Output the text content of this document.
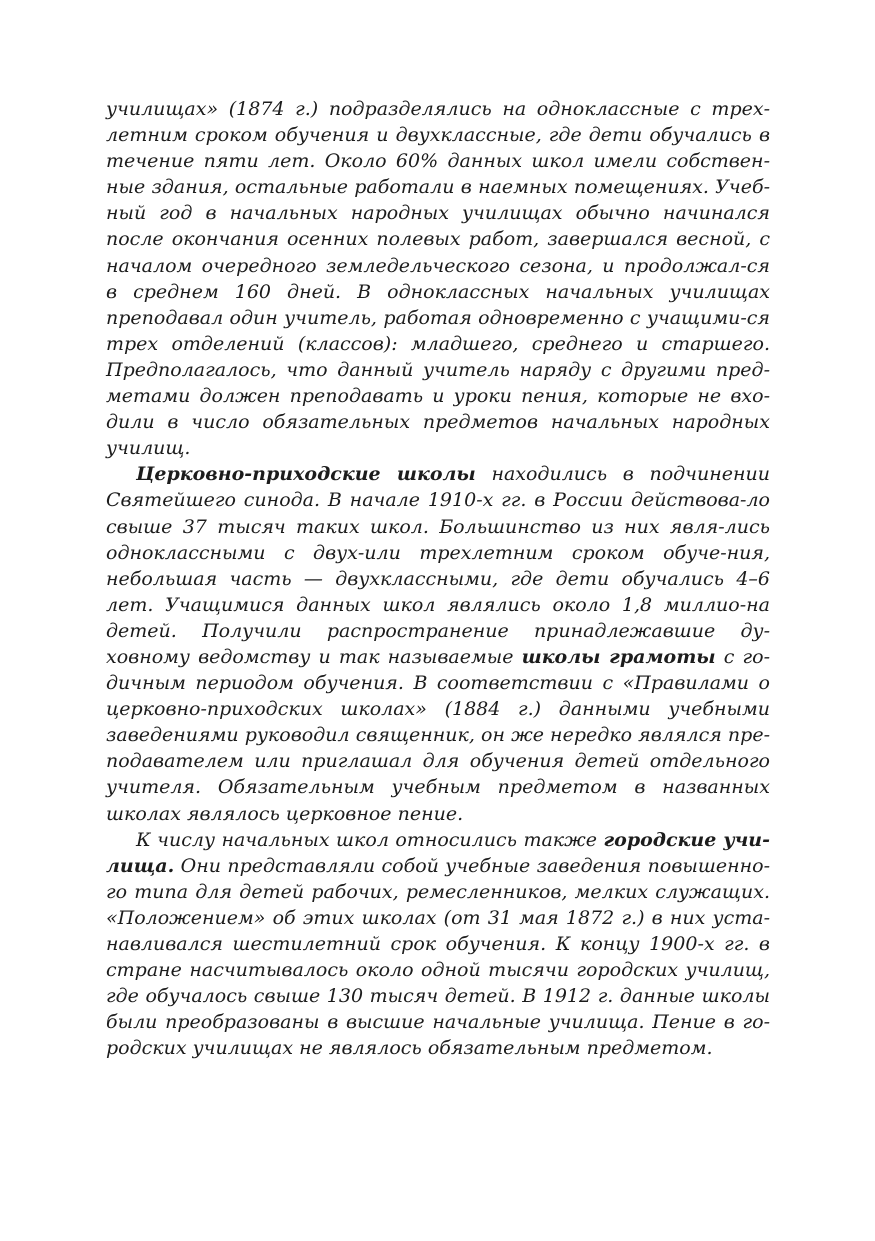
училищах» (1874 г.) подразделялись на одноклассные с трех-летним сроком обучения и двухклассные, где дети обучались в течение пяти лет. Около 60% данных школ имели собствен-ные здания, остальные работали в наемных помещениях. Учеб-ный год в начальных народных училищах обычно начинался после окончания осенних полевых работ, завершался весной, с началом очередного земледельческого сезона, и продолжал-ся в среднем 160 дней. В одноклассных начальных училищах преподавал один учитель, работая одновременно с учащими-ся трех отделений (классов): младшего, среднего и старшего. Предполагалось, что данный учитель наряду с другими пред-метами должен преподавать и уроки пения, которые не вхо-дили в число обязательных предметов начальных народных училищ.

Церковно-приходские школы находились в подчинении Святейшего синода. В начале 1910-х гг. в России действова-ло свыше 37 тысяч таких школ. Большинство из них явля-лись одноклассными с двух-или трехлетним сроком обуче-ния, небольшая часть — двухклассными, где дети обучались 4–6 лет. Учащимися данных школ являлись около 1,8 миллио-на детей. Получили распространение принадлежавшие ду-ховному ведомству и так называемые школы грамоты с го-дичным периодом обучения. В соответствии с «Правилами о церковно-приходских школах» (1884 г.) данными учебными заведениями руководил священник, он же нередко являлся пре-подавателем или приглашал для обучения детей отдельного учителя. Обязательным учебным предметом в названных школах являлось церковное пение.

К числу начальных школ относились также городские учи-лища. Они представляли собой учебные заведения повышенно-го типа для детей рабочих, ремесленников, мелких служащих. «Положением» об этих школах (от 31 мая 1872 г.) в них уста-навливался шестилетний срок обучения. К концу 1900-х гг. в стране насчитывалось около одной тысячи городских училищ, где обучалось свыше 130 тысяч детей. В 1912 г. данные школы были преобразованы в высшие начальные училища. Пение в го-родских училищах не являлось обязательным предметом.
